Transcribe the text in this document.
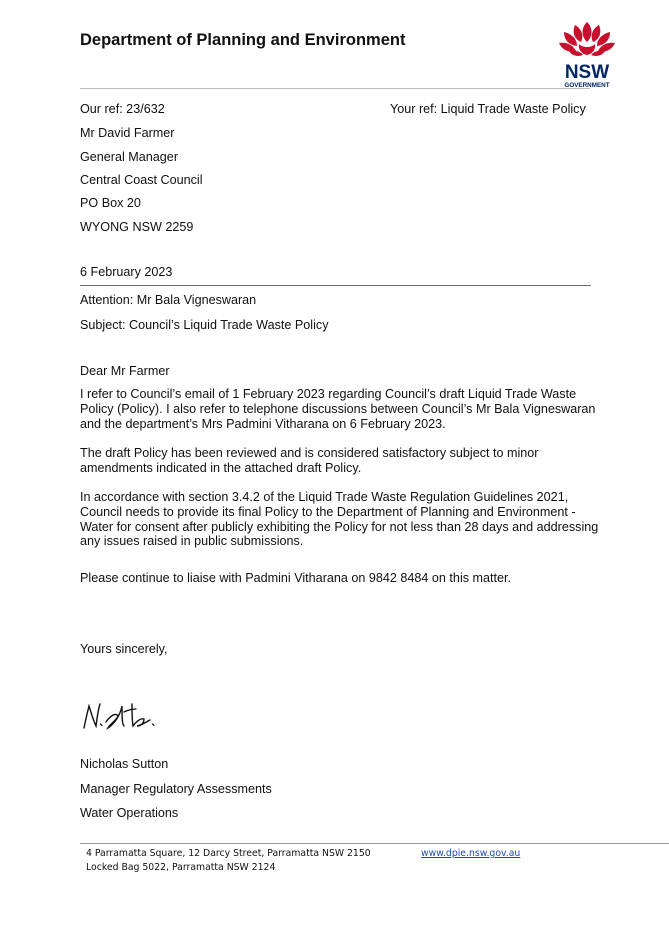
Department of Planning and Environment
NSW
GOVERNMENT
Our ref: 23/632	Your ref: Liquid Trade Waste Policy
Mr David Farmer
General Manager
Central Coast Council
PO Box 20
WYONG NSW 2259
6 February 2023
Attention: Mr Bala Vigneswaran
Subject: Council’s Liquid Trade Waste Policy
Dear Mr Farmer
I refer to Council’s email of 1 February 2023 regarding Council’s draft Liquid Trade Waste Policy (Policy). I also refer to telephone discussions between Council’s Mr Bala Vigneswaran and the department’s Mrs Padmini Vitharana on 6 February 2023.
The draft Policy has been reviewed and is considered satisfactory subject to minor amendments indicated in the attached draft Policy.
In accordance with section 3.4.2 of the Liquid Trade Waste Regulation Guidelines 2021, Council needs to provide its final Policy to the Department of Planning and Environment - Water for consent after publicly exhibiting the Policy for not less than 28 days and addressing any issues raised in public submissions.
Please continue to liaise with Padmini Vitharana on 9842 8484 on this matter.
Yours sincerely,
Nicholas Sutton
Manager Regulatory Assessments
Water Operations
4 Parramatta Square, 12 Darcy Street, Parramatta NSW 2150
Locked Bag 5022, Parramatta NSW 2124
www.dpie.nsw.gov.au
